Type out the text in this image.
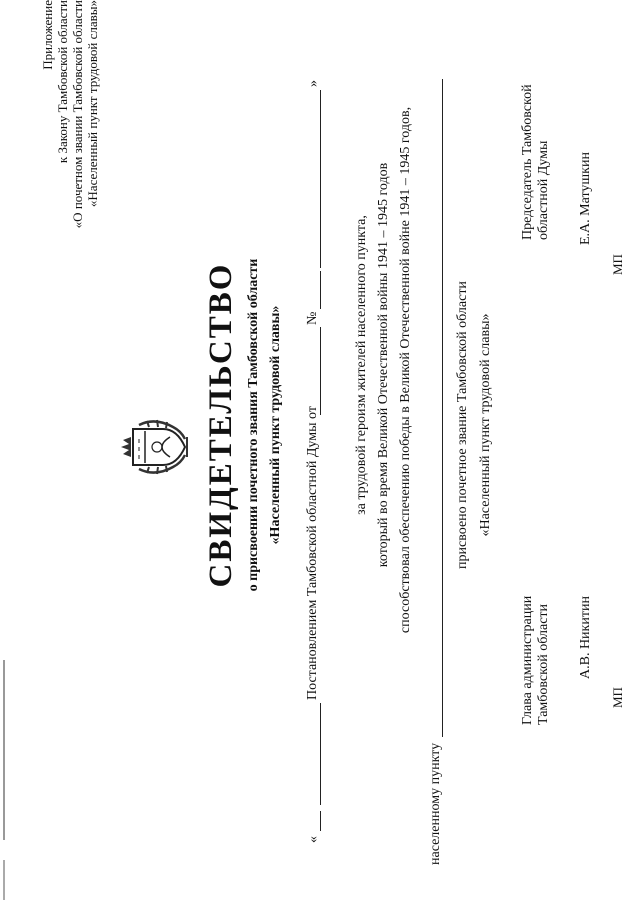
Приложение к Закону Тамбовской области «О почетном звании Тамбовской области «Населенный пункт трудовой славы»
СВИДЕТЕЛЬСТВО о присвоении почетного звания Тамбовской области «Населенный пункт трудовой славы»
«
Постановлением Тамбовской областной Думы от
№
»
за трудовой героизм жителей населенного пункта, который во время Великой Отечественной войны 1941 – 1945 годов способствовал обеспечению победы в Великой Отечественной войне 1941 – 1945 годов,
населенному пункту
присвоено почетное звание Тамбовской области «Населенный пункт трудовой славы»
Глава администрации Тамбовской области А.В. Никитин
МП
Председатель Тамбовской областной Думы Е.А. Матушкин
МП
